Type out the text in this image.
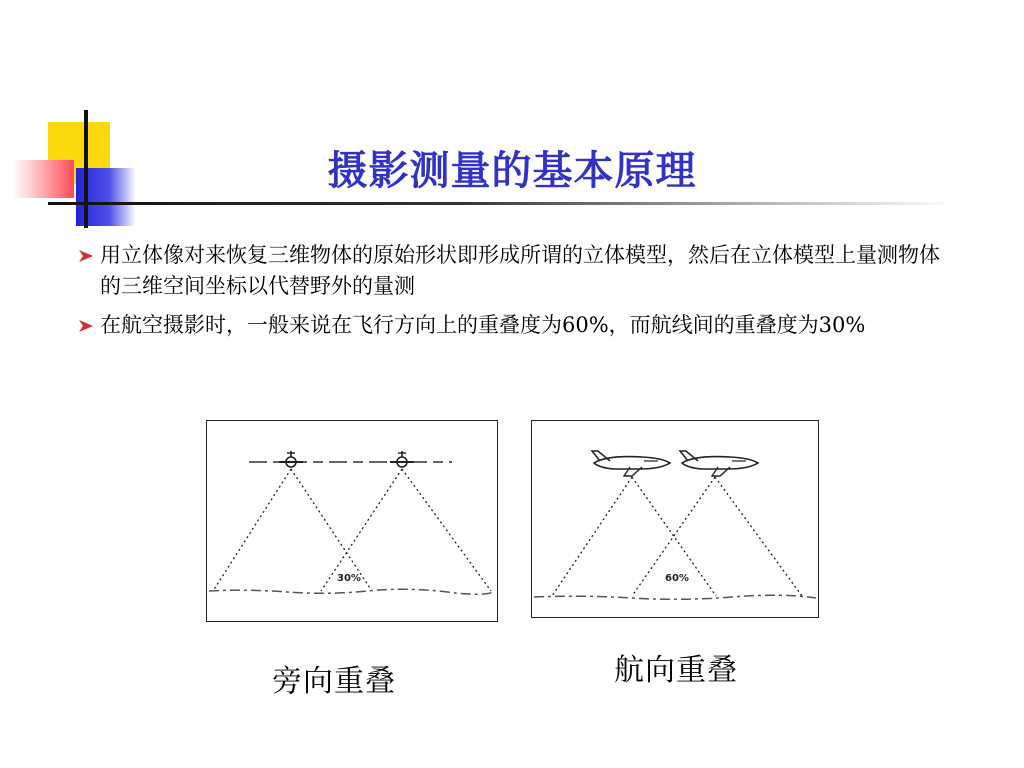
摄影测量的基本原理
用立体像对来恢复三维物体的原始形状即形成所谓的立体模型，然后在立体模型上量测物体的三维空间坐标以代替野外的量测
在航空摄影时，一般来说在飞行方向上的重叠度为60%，而航线间的重叠度为30%
30%	60%
旁向重叠	航向重叠
